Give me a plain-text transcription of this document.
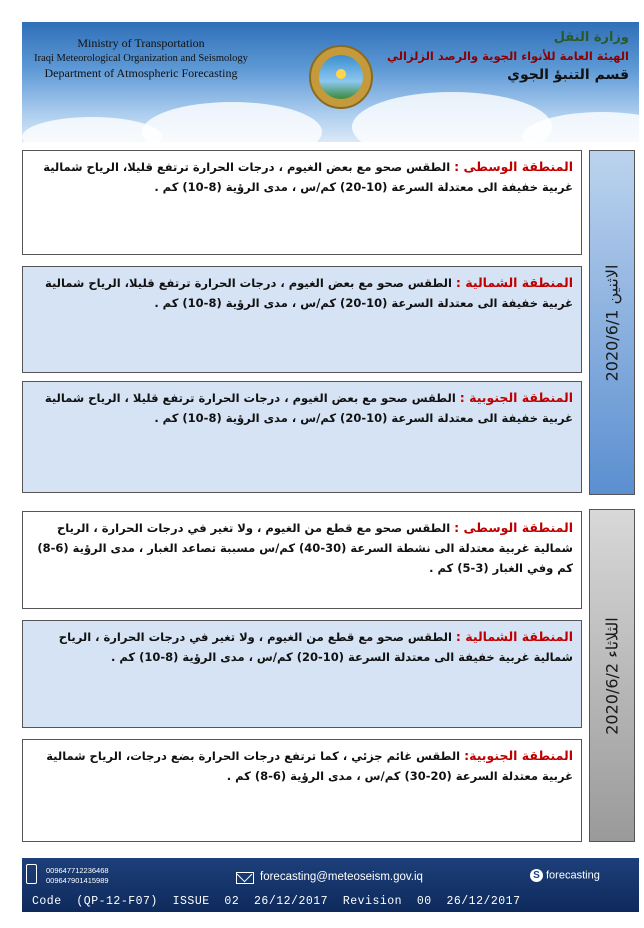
Ministry of Transportation
Iraqi Meteorological Organization and Seismology
Department of Atmospheric Forecasting
وزارة النقل
الهيئة العامة للأنواء الجوية والرصد الزلزالي
قسم التنبؤ الجوي
المنطقة الوسطى : الطقس صحو مع بعض الغيوم ، درجات الحرارة ترتفع قليلا، الرياح شمالية غربية خفيفة الى معتدلة السرعة (10-20) كم/س ، مدى الرؤية (8-10) كم .
المنطقة الشمالية : الطقس صحو مع بعض الغيوم ، درجات الحرارة ترتفع قليلا، الرياح شمالية غربية خفيفة الى معتدلة السرعة (10-20) كم/س ، مدى الرؤية (8-10) كم .
المنطقة الجنوبية : الطقس صحو مع بعض الغيوم ، درجات الحرارة ترتفع قليلا ، الرياح شمالية غربية خفيفة الى معتدلة السرعة (10-20) كم/س ، مدى الرؤية (8-10) كم .
الاثنين 2020/6/1
المنطقة الوسطى : الطقس صحو مع قطع من الغيوم ، ولا تغير في درجات الحرارة ، الرياح شمالية غربية معتدلة الى نشطة السرعة (30-40) كم/س مسببة تصاعد الغبار ، مدى الرؤية (6-8) كم وفي الغبار (3-5) كم .
المنطقة الشمالية : الطقس صحو مع قطع من الغيوم ، ولا تغير في درجات الحرارة ، الرياح شمالية غربية خفيفة الى معتدلة السرعة (10-20) كم/س ، مدى الرؤية (8-10) كم .
المنطقة الجنوبية: الطقس غائم جزئي ، كما ترتفع درجات الحرارة بضع درجات، الرياح شمالية غربية معتدلة السرعة (20-30) كم/س ، مدى الرؤية (6-8) كم .
الثلاثاء 2020/6/2
009647712236468
009647901415989	forecasting@meteoseism.gov.iq	S forecasting
Code  (QP-12-F07)  ISSUE  02  26/12/2017  Revision  00  26/12/2017
